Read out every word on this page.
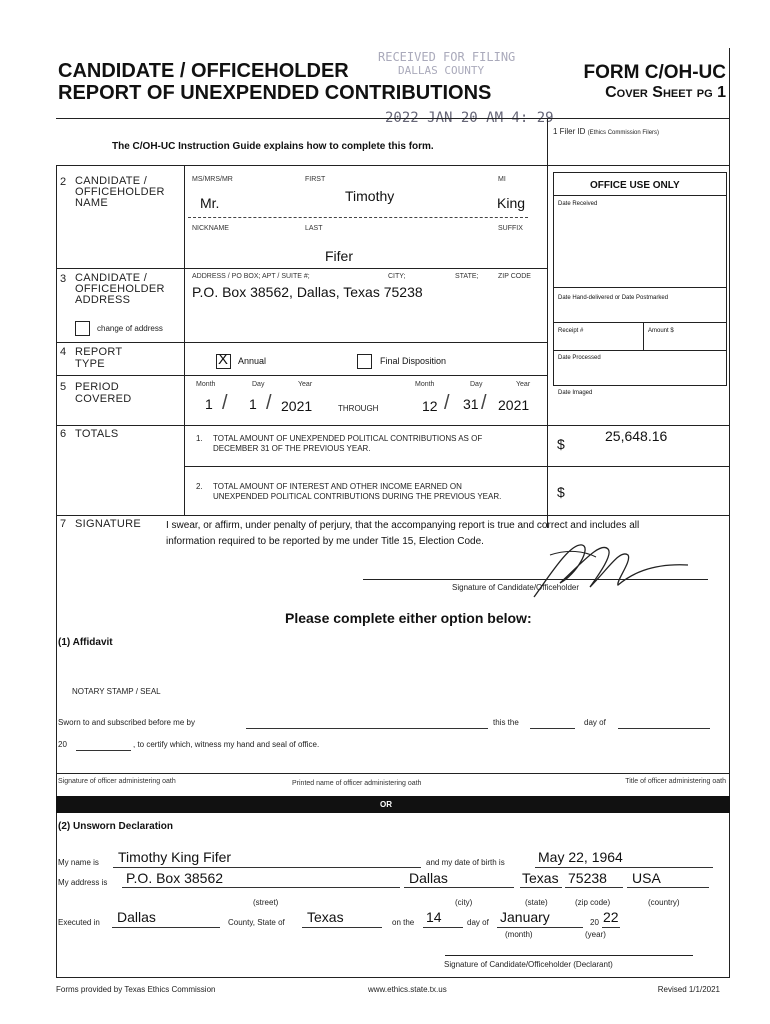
CANDIDATE / OFFICEHOLDER
REPORT OF UNEXPENDED CONTRIBUTIONS
FORM C/OH-UC
Cover Sheet pg 1
RECEIVED FOR FILING
DALLAS COUNTY
2022 JAN 20 AM 4: 29
The C/OH-UC Instruction Guide explains how to complete this form.
1 Filer ID (Ethics Commission Filers)
OFFICE USE ONLY
Date Received
Date Hand-delivered or Date Postmarked
Receipt #	Amount $
Date Processed
Date Imaged
2 CANDIDATE /
OFFICEHOLDER
NAME
MS/MRS/MR	FIRST	MI
Mr.	Timothy	King
NICKNAME	LAST	SUFFIX
Fifer
3 CANDIDATE /
OFFICEHOLDER
ADDRESS
ADDRESS / PO BOX; APT / SUITE #;	CITY;	STATE;	ZIP CODE
P.O. Box 38562, Dallas, Texas 75238
change of address
4 REPORT
TYPE	X Annual	Final Disposition
5 PERIOD
COVERED
Month	Day	Year
1 / 1 / 2021	THROUGH
Month	Day	Year
12 / 31 / 2021
6 TOTALS	1. TOTAL AMOUNT OF UNEXPENDED POLITICAL CONTRIBUTIONS AS OF
DECEMBER 31 OF THE PREVIOUS YEAR.	$	25,648.16
2. TOTAL AMOUNT OF INTEREST AND OTHER INCOME EARNED ON
UNEXPENDED POLITICAL CONTRIBUTIONS DURING THE PREVIOUS YEAR.	$
7 SIGNATURE I swear, or affirm, under penalty of perjury, that the accompanying report is true and correct and includes all
information required to be reported by me under Title 15, Election Code.
Signature of Candidate/Officeholder
Please complete either option below:
(1) Affidavit
NOTARY STAMP / SEAL
Sworn to and subscribed before me by	this the	day of
20	, to certify which, witness my hand and seal of office.
Signature of officer administering oath	Printed name of officer administering oath	Title of officer administering oath
OR
(2) Unsworn Declaration
My name is Timothy King Fifer	and my date of birth is May 22, 1964
My address is P.O. Box 38562	Dallas	Texas 75238 USA
(street)	(city)	(state)	(zip code)	(country)
Executed in Dallas	County, State of Texas	on the 14	day of January	20 22
(month)	(year)
Signature of Candidate/Officeholder (Declarant)
Forms provided by Texas Ethics Commission	www.ethics.state.tx.us	Revised 1/1/2021
